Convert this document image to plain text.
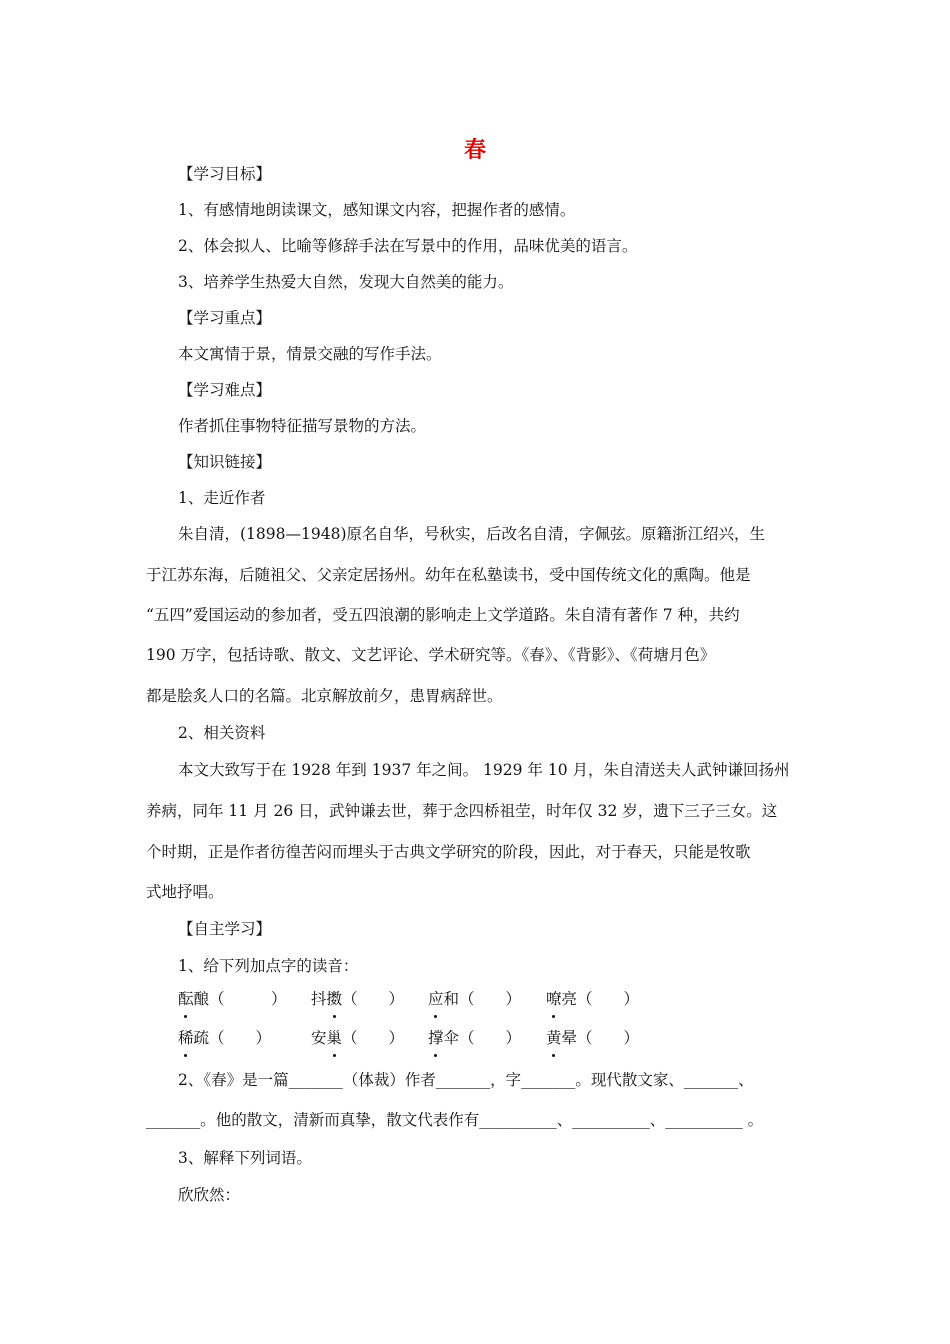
春
【学习目标】
1、有感情地朗读课文，感知课文内容，把握作者的感情。
2、体会拟人、比喻等修辞手法在写景中的作用，品味优美的语言。
3、培养学生热爱大自然，发现大自然美的能力。
【学习重点】
本文寓情于景，情景交融的写作手法。
【学习难点】
作者抓住事物特征描写景物的方法。
【知识链接】
1、走近作者
朱自清，(1898—1948)原名自华，号秋实，后改名自清，字佩弦。原籍浙江绍兴，生
于江苏东海，后随祖父、父亲定居扬州。幼年在私塾读书，受中国传统文化的熏陶。他是
“五四”爱国运动的参加者，受五四浪潮的影响走上文学道路。朱自清有著作 7 种，共约
190 万字，包括诗歌、散文、文艺评论、学术研究等。《春》、《背影》、《荷塘月色》
都是脍炙人口的名篇。北京解放前夕，患胃病辞世。
2、相关资料
本文大致写于在 1928 年到 1937 年之间。 1929 年 10 月，朱自清送夫人武钟谦回扬州
养病，同年 11 月 26 日，武钟谦去世，葬于念四桥祖茔，时年仅 32 岁，遗下三子三女。这
个时期，正是作者彷徨苦闷而埋头于古典文学研究的阶段，因此，对于春天，只能是牧歌
式地抒唱。
【自主学习】
1、给下列加点字的读音：
酝酿（　　　） 抖擞（　　） 应和（　　） 嘹亮（　　）
稀疏（　　）	安巢（　　） 撑伞（　　） 黄晕（　　）
2、《春》是一篇_______（体裁）作者_______，字_______。现代散文家、_______、
_______。他的散文，清新而真挚，散文代表作有__________、__________、__________ 。
3、解释下列词语。
欣欣然：
